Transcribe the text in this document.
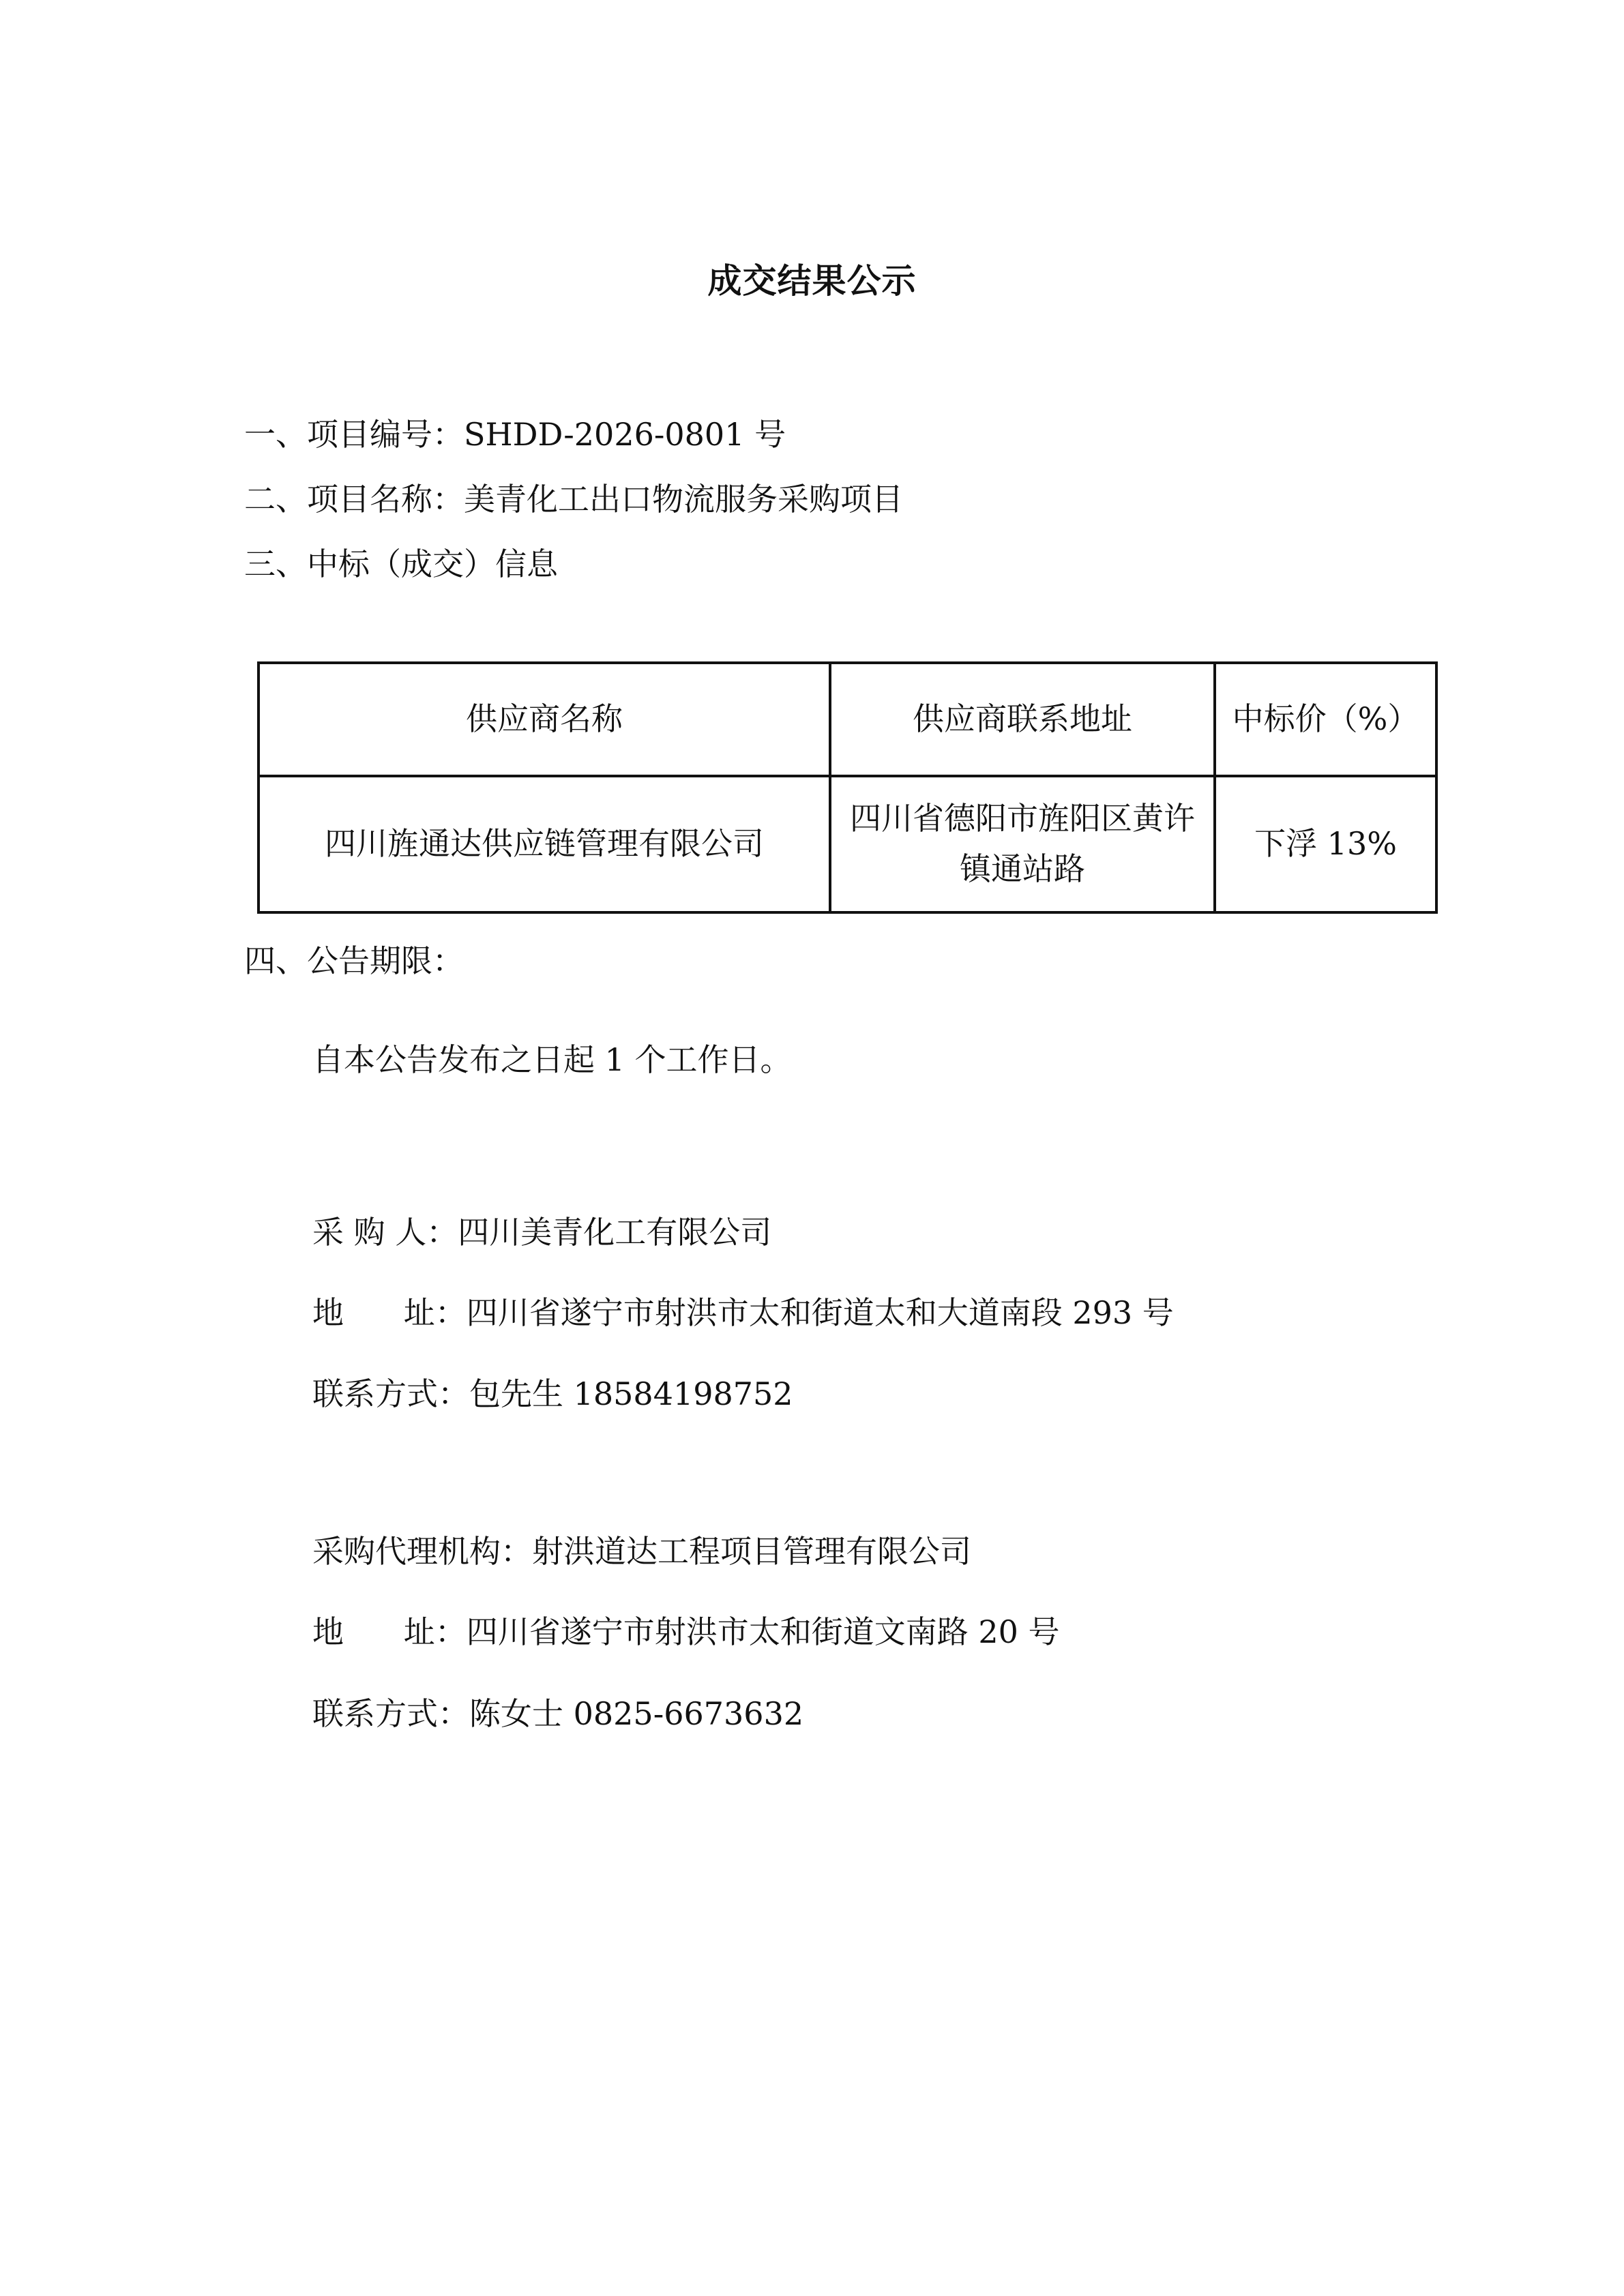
成交结果公示
一、项目编号：SHDD-2026-0801 号
二、项目名称：美青化工出口物流服务采购项目
三、中标（成交）信息
供应商名称	供应商联系地址	中标价（%）
四川旌通达供应链管理有限公司	四川省德阳市旌阳区黄许镇通站路	下浮 13%
四、公告期限：
自本公告发布之日起 1 个工作日。
采 购 人：四川美青化工有限公司
地      址：四川省遂宁市射洪市太和街道太和大道南段 293 号
联系方式：包先生 18584198752
采购代理机构：射洪道达工程项目管理有限公司
地      址：四川省遂宁市射洪市太和街道文南路 20 号
联系方式：陈女士 0825-6673632
